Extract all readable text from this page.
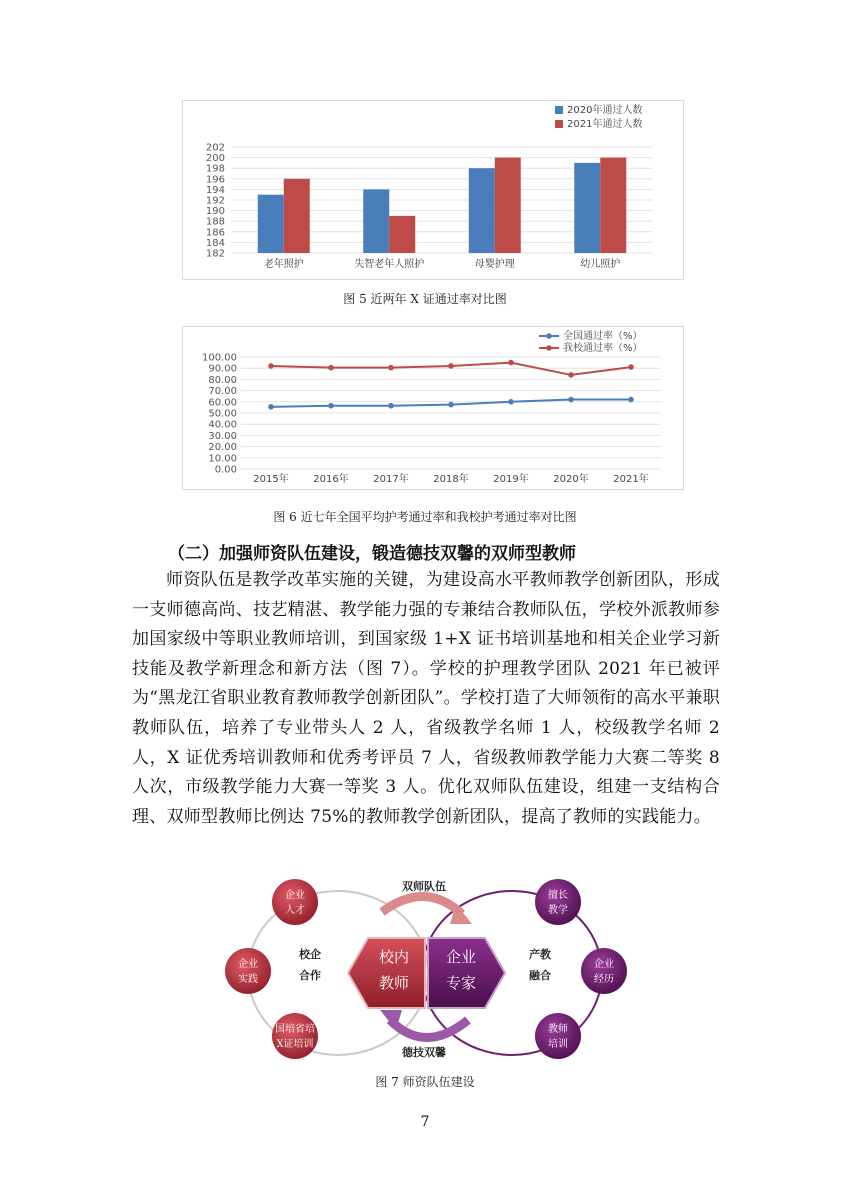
182
184
186
188
190
192
194
196
198
200
202
老年照护	失智老年人照护	母婴护理	幼儿照护
2020年通过人数
2021年通过人数
图 5 近两年 X 证通过率对比图
0.00
10.00
20.00
30.00
40.00
50.00
60.00
70.00
80.00
90.00
100.00
2015年 2016年 2017年 2018年 2019年 2020年 2021年
全国通过率（%）
我校通过率（%）
图 6 近七年全国平均护考通过率和我校护考通过率对比图
（二）加强师资队伍建设，锻造德技双馨的双师型教师

师资队伍是教学改革实施的关键，为建设高水平教师教学创新团队，形成一支师德高尚、技艺精湛、教学能力强的专兼结合教师队伍，学校外派教师参加国家级中等职业教师培训，到国家级 1+X 证书培训基地和相关企业学习新技能及教学新理念和新方法（图 7）。学校的护理教学团队 2021 年已被评为“黑龙江省职业教育教师教学创新团队”。学校打造了大师领衔的高水平兼职教师队伍，培养了专业带头人 2 人，省级教学名师 1 人，校级教学名师 2 人，X 证优秀培训教师和优秀考评员 7 人，省级教师教学能力大赛二等奖 8 人次，市级教学能力大赛一等奖 3 人。优化双师队伍建设，组建一支结构合理、双师型教师比例达 75%的教师教学创新团队，提高了教师的实践能力。

校内
教师
企业
专家
双师队伍
德技双馨
校企
合作
产教
融合
企业
人才
企业
实践
国培省培
X证培训
擅长
教学
企业
经历
教师
培训
图 7 师资队伍建设
7
